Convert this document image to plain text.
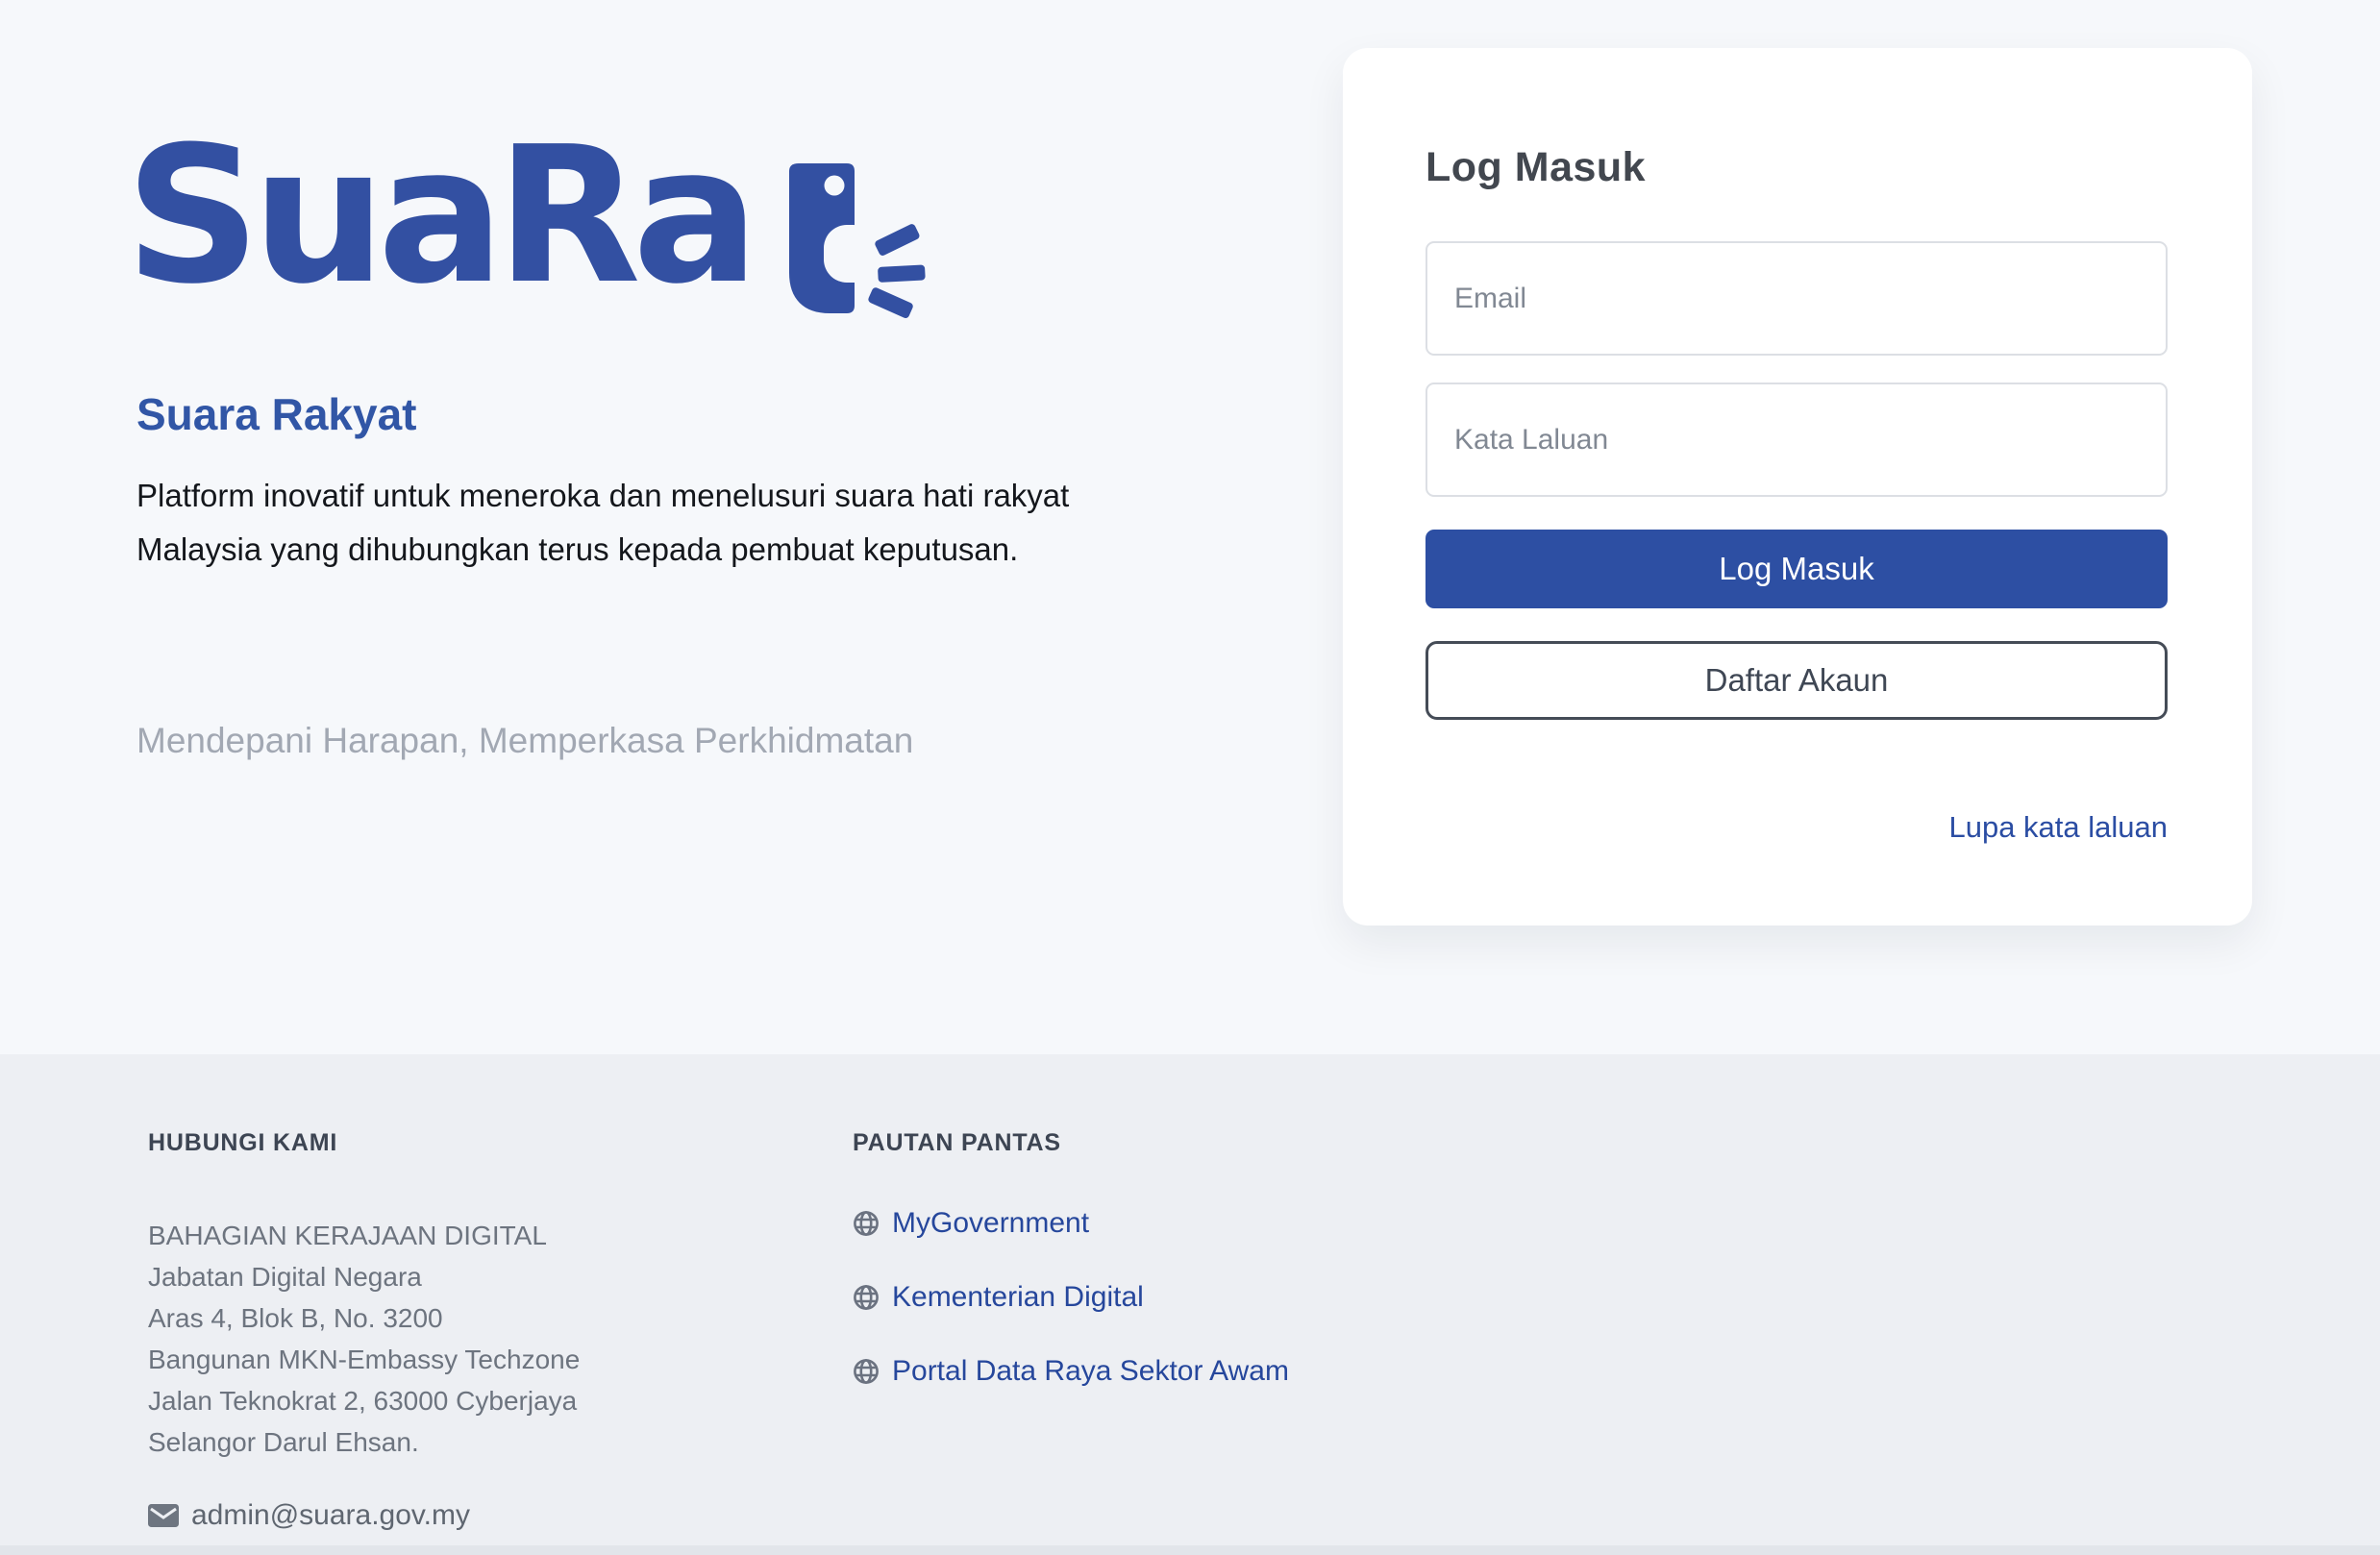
SuaRa
Suara Rakyat

Platform inovatif untuk meneroka dan menelusuri suara hati rakyat Malaysia yang dihubungkan terus kepada pembuat keputusan.

Mendepani Harapan, Memperkasa Perkhidmatan

Log Masuk
Email
Kata Laluan
Log Masuk
Daftar Akaun
Lupa kata laluan
HUBUNGI KAMI
BAHAGIAN KERAJAAN DIGITAL
Jabatan Digital Negara
Aras 4, Blok B, No. 3200
Bangunan MKN-Embassy Techzone
Jalan Teknokrat 2, 63000 Cyberjaya
Selangor Darul Ehsan.
admin@suara.gov.my
PAUTAN PANTAS
MyGovernment
Kementerian Digital
Portal Data Raya Sektor Awam
